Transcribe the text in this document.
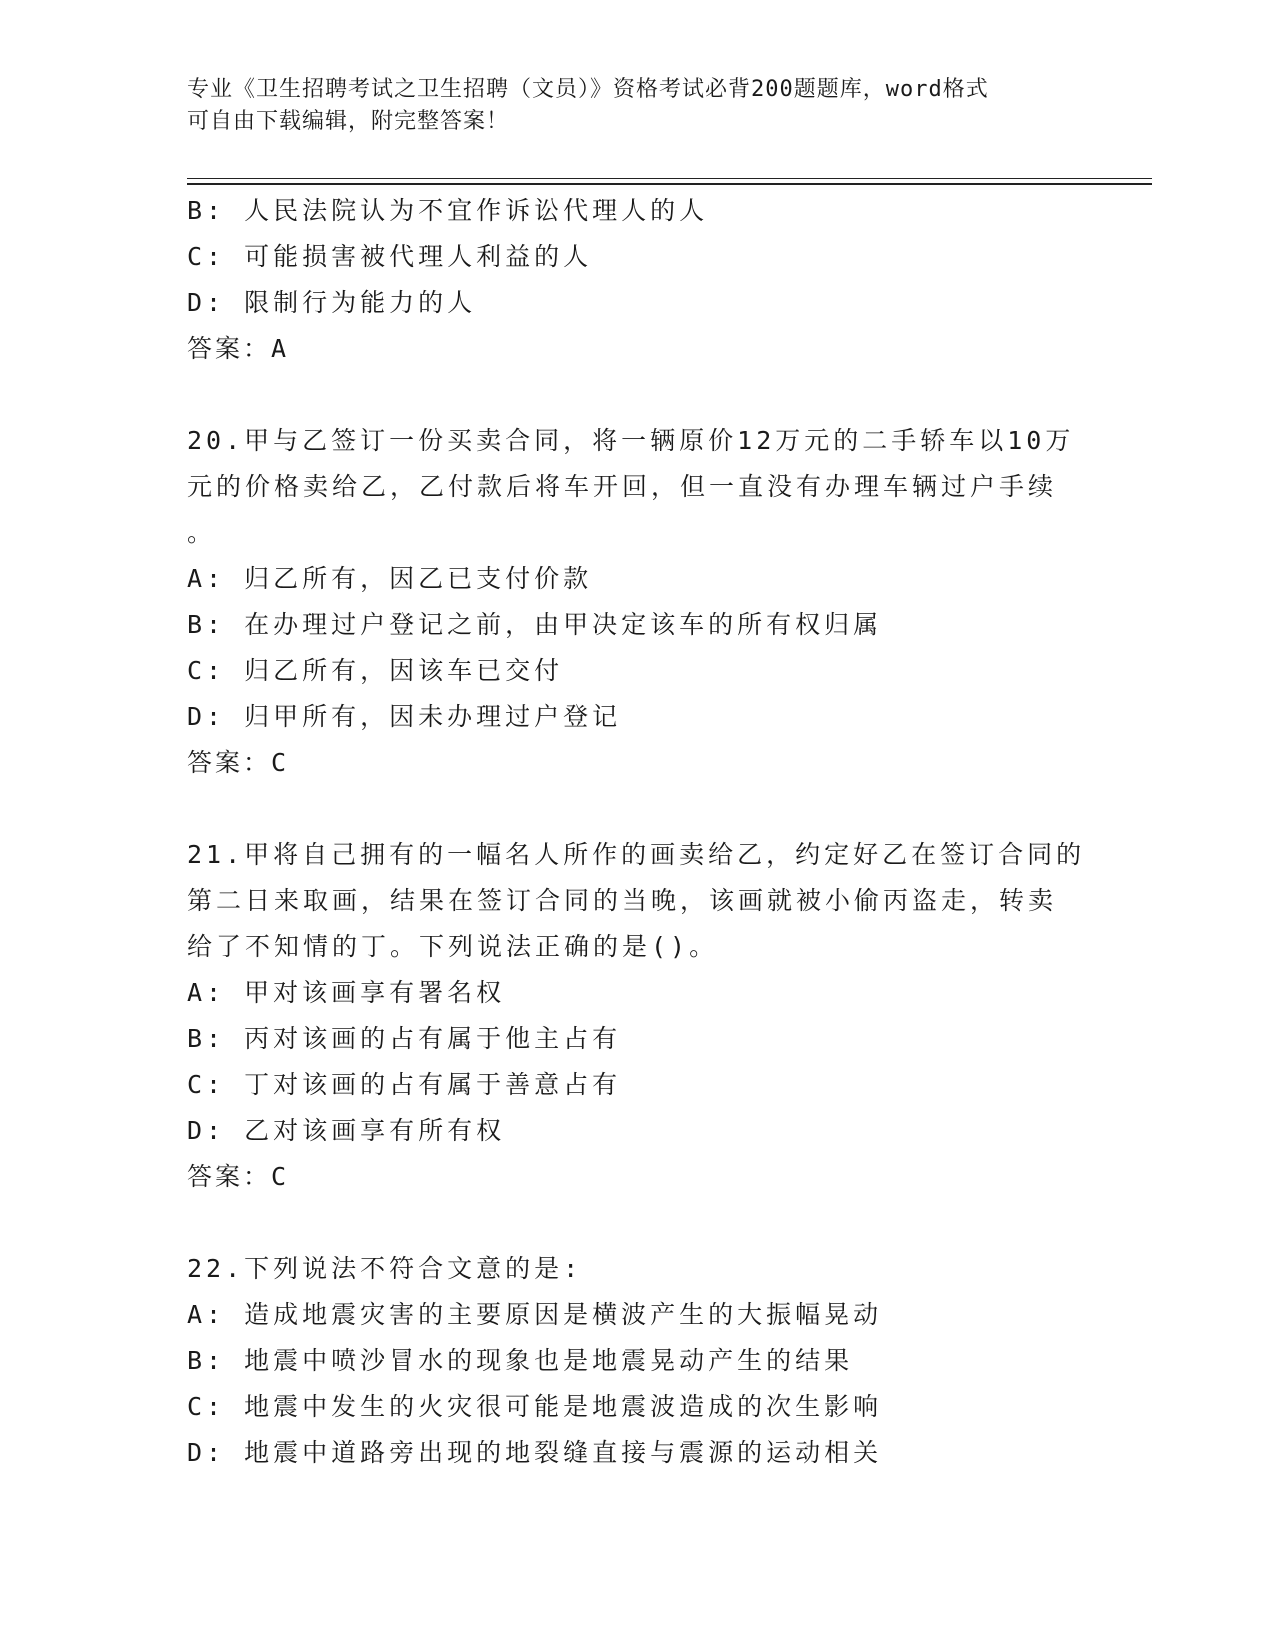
专业《卫生招聘考试之卫生招聘（文员）》资格考试必背200题题库，word格式
可自由下载编辑，附完整答案！
B: 人民法院认为不宜作诉讼代理人的人
C: 可能损害被代理人利益的人
D: 限制行为能力的人
答案：A
20.甲与乙签订一份买卖合同，将一辆原价12万元的二手轿车以10万
元的价格卖给乙，乙付款后将车开回，但一直没有办理车辆过户手续
。
A: 归乙所有，因乙已支付价款
B: 在办理过户登记之前，由甲决定该车的所有权归属
C: 归乙所有，因该车已交付
D: 归甲所有，因未办理过户登记
答案：C
21.甲将自己拥有的一幅名人所作的画卖给乙，约定好乙在签订合同的
第二日来取画，结果在签订合同的当晚，该画就被小偷丙盗走，转卖
给了不知情的丁。下列说法正确的是()。
A: 甲对该画享有署名权
B: 丙对该画的占有属于他主占有
C: 丁对该画的占有属于善意占有
D: 乙对该画享有所有权
答案：C
22.下列说法不符合文意的是:
A: 造成地震灾害的主要原因是横波产生的大振幅晃动
B: 地震中喷沙冒水的现象也是地震晃动产生的结果
C: 地震中发生的火灾很可能是地震波造成的次生影响
D: 地震中道路旁出现的地裂缝直接与震源的运动相关
